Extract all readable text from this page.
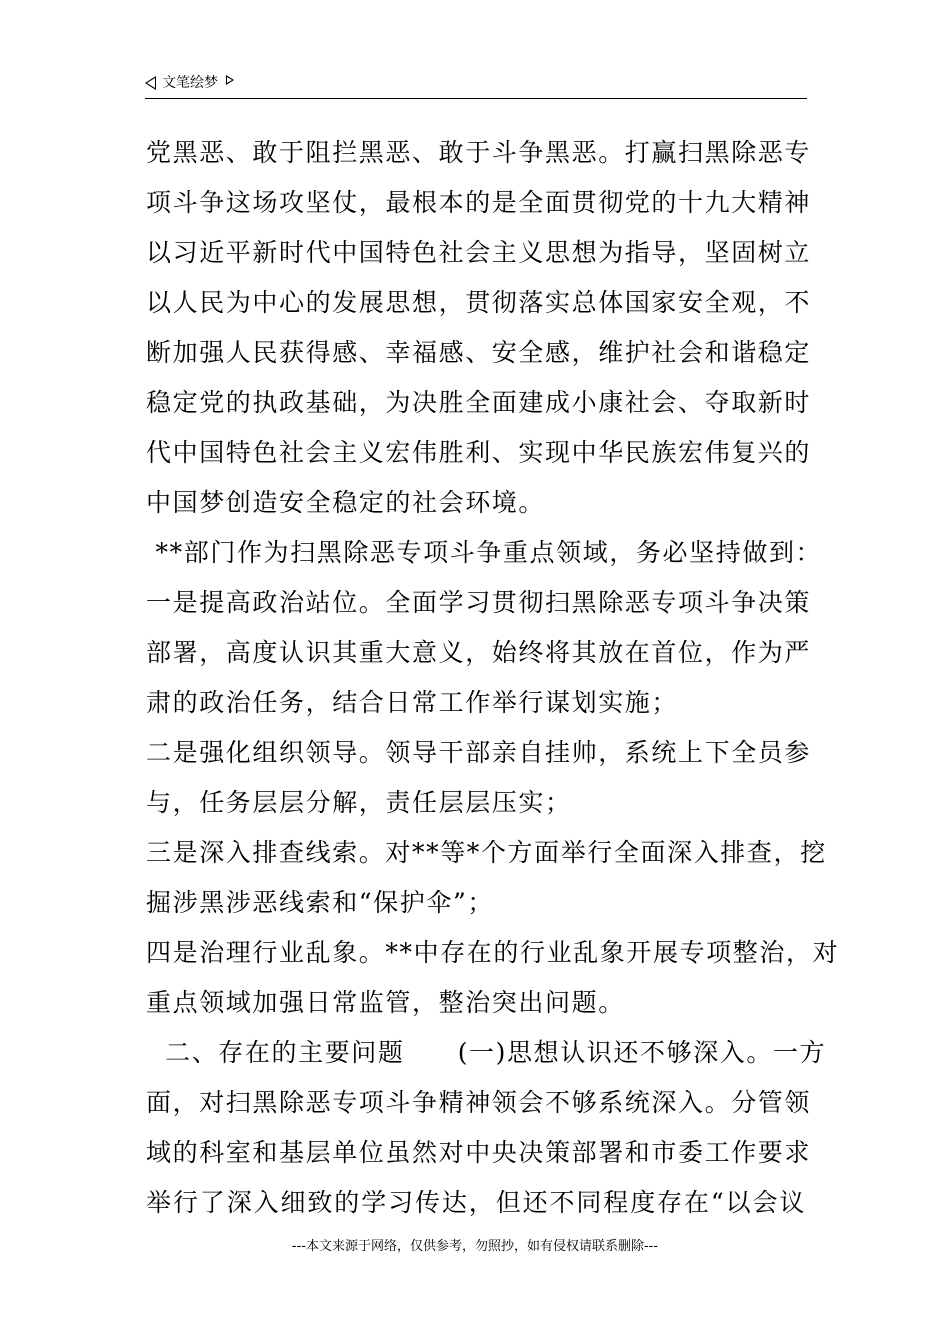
文笔绘梦
党黑恶、敢于阻拦黑恶、敢于斗争黑恶。打赢扫黑除恶专
项斗争这场攻坚仗，最根本的是全面贯彻党的十九大精神
以习近平新时代中国特色社会主义思想为指导，坚固树立
以人民为中心的发展思想，贯彻落实总体国家安全观，不
断加强人民获得感、幸福感、安全感，维护社会和谐稳定
稳定党的执政基础，为决胜全面建成小康社会、夺取新时
代中国特色社会主义宏伟胜利、实现中华民族宏伟复兴的
中国梦创造安全稳定的社会环境。
**部门作为扫黑除恶专项斗争重点领域，务必坚持做到：
一是提高政治站位。全面学习贯彻扫黑除恶专项斗争决策
部署，高度认识其重大意义，始终将其放在首位，作为严
肃的政治任务，结合日常工作举行谋划实施；
二是强化组织领导。领导干部亲自挂帅，系统上下全员参
与，任务层层分解，责任层层压实；
三是深入排查线索。对**等*个方面举行全面深入排查，挖
掘涉黑涉恶线索和“保护伞”；
四是治理行业乱象。**中存在的行业乱象开展专项整治，对
重点领域加强日常监管，整治突出问题。
二、存在的主要问题　　(一)思想认识还不够深入。一方
面，对扫黑除恶专项斗争精神领会不够系统深入。分管领
域的科室和基层单位虽然对中央决策部署和市委工作要求
举行了深入细致的学习传达，但还不同程度存在“以会议
---本文来源于网络，仅供参考，勿照抄，如有侵权请联系删除---
